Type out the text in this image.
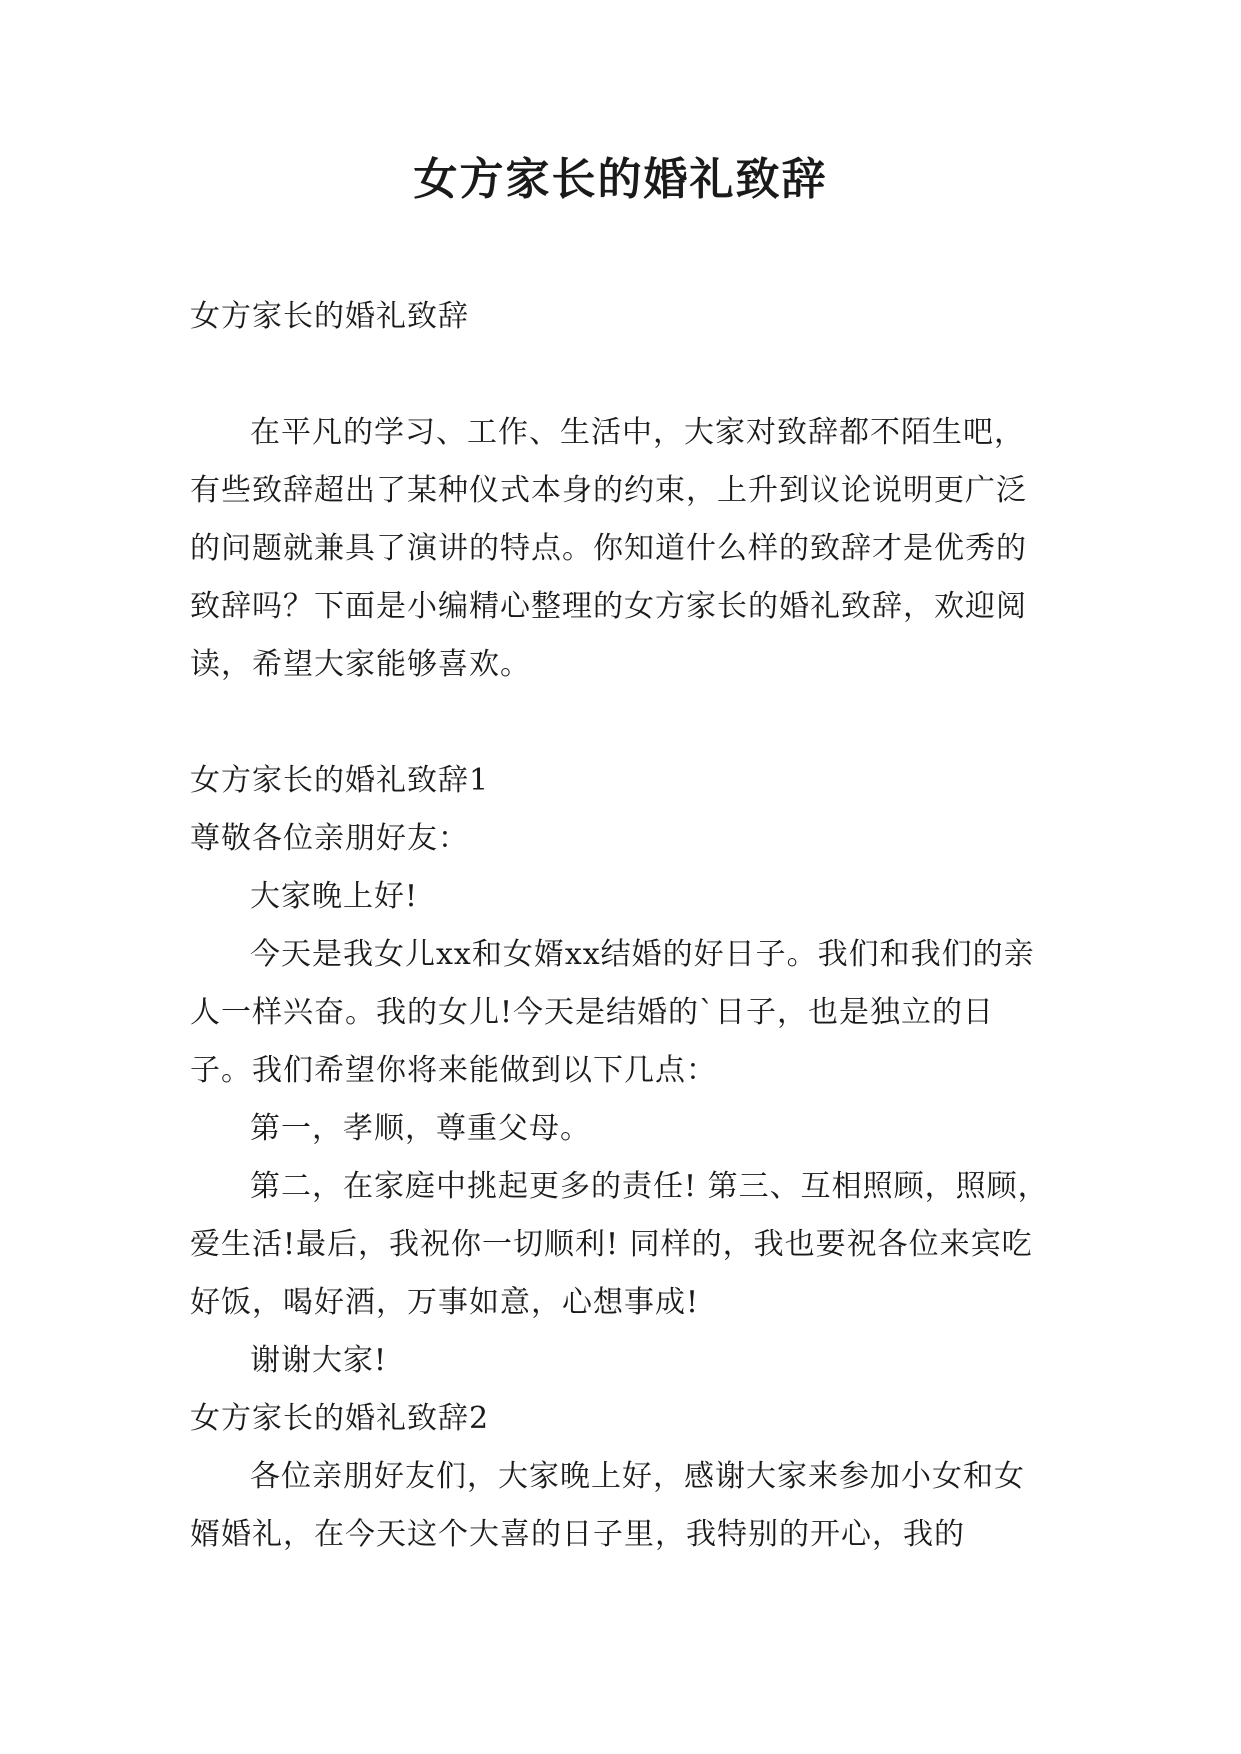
女方家长的婚礼致辞

女方家长的婚礼致辞

在平凡的学习、工作、生活中，大家对致辞都不陌生吧，有些致辞超出了某种仪式本身的约束，上升到议论说明更广泛的问题就兼具了演讲的特点。你知道什么样的致辞才是优秀的致辞吗？下面是小编精心整理的女方家长的婚礼致辞，欢迎阅读，希望大家能够喜欢。

女方家长的婚礼致辞1

尊敬各位亲朋好友：

大家晚上好!

今天是我女儿xx和女婿xx结婚的好日子。我们和我们的亲人一样兴奋。我的女儿!今天是结婚的`日子，也是独立的日子。我们希望你将来能做到以下几点：

第一，孝顺，尊重父母。

第二，在家庭中挑起更多的责任! 第三、互相照顾，照顾，爱生活!最后，我祝你一切顺利! 同样的，我也要祝各位来宾吃好饭，喝好酒，万事如意，心想事成!

谢谢大家!

女方家长的婚礼致辞2

各位亲朋好友们，大家晚上好，感谢大家来参加小女和女婿婚礼，在今天这个大喜的日子里，我特别的开心，我的
